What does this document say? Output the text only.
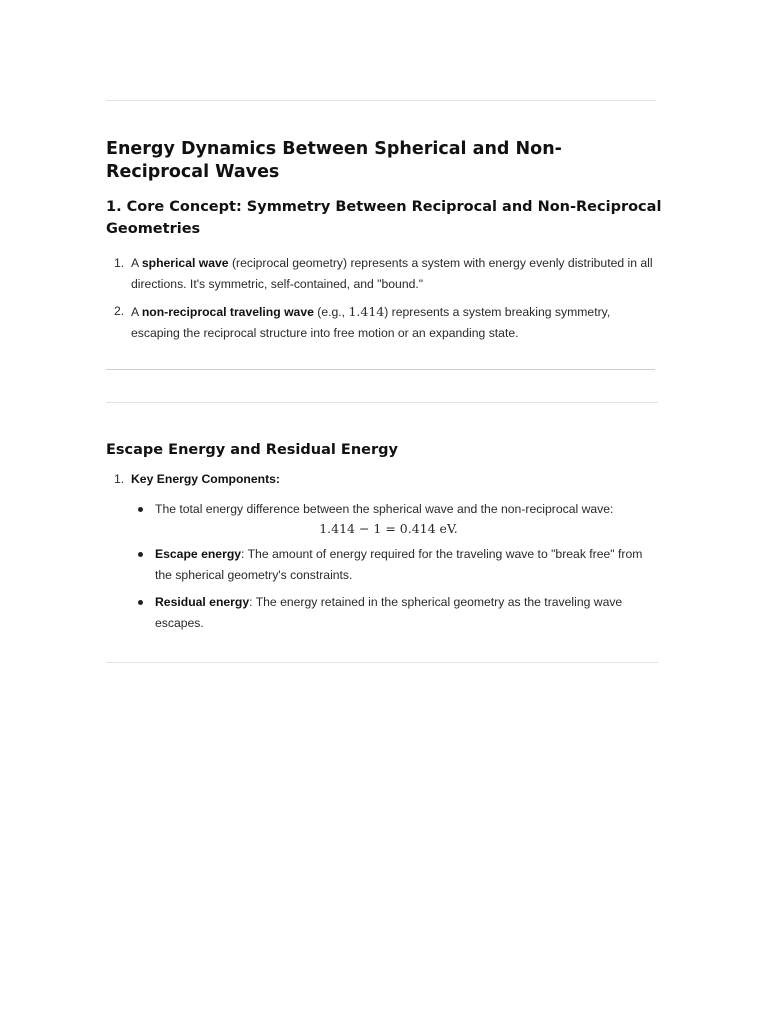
Energy Dynamics Between Spherical and Non-Reciprocal Waves
1. Core Concept: Symmetry Between Reciprocal and Non-Reciprocal Geometries
1. A spherical wave (reciprocal geometry) represents a system with energy evenly distributed in all directions. It's symmetric, self-contained, and "bound."
2. A non-reciprocal traveling wave (e.g., 1.414) represents a system breaking symmetry, escaping the reciprocal structure into free motion or an expanding state.
Escape Energy and Residual Energy
1. Key Energy Components:
The total energy difference between the spherical wave and the non-reciprocal wave:
1.414 − 1 = 0.414 eV.
Escape energy: The amount of energy required for the traveling wave to "break free" from the spherical geometry's constraints.
Residual energy: The energy retained in the spherical geometry as the traveling wave escapes.
